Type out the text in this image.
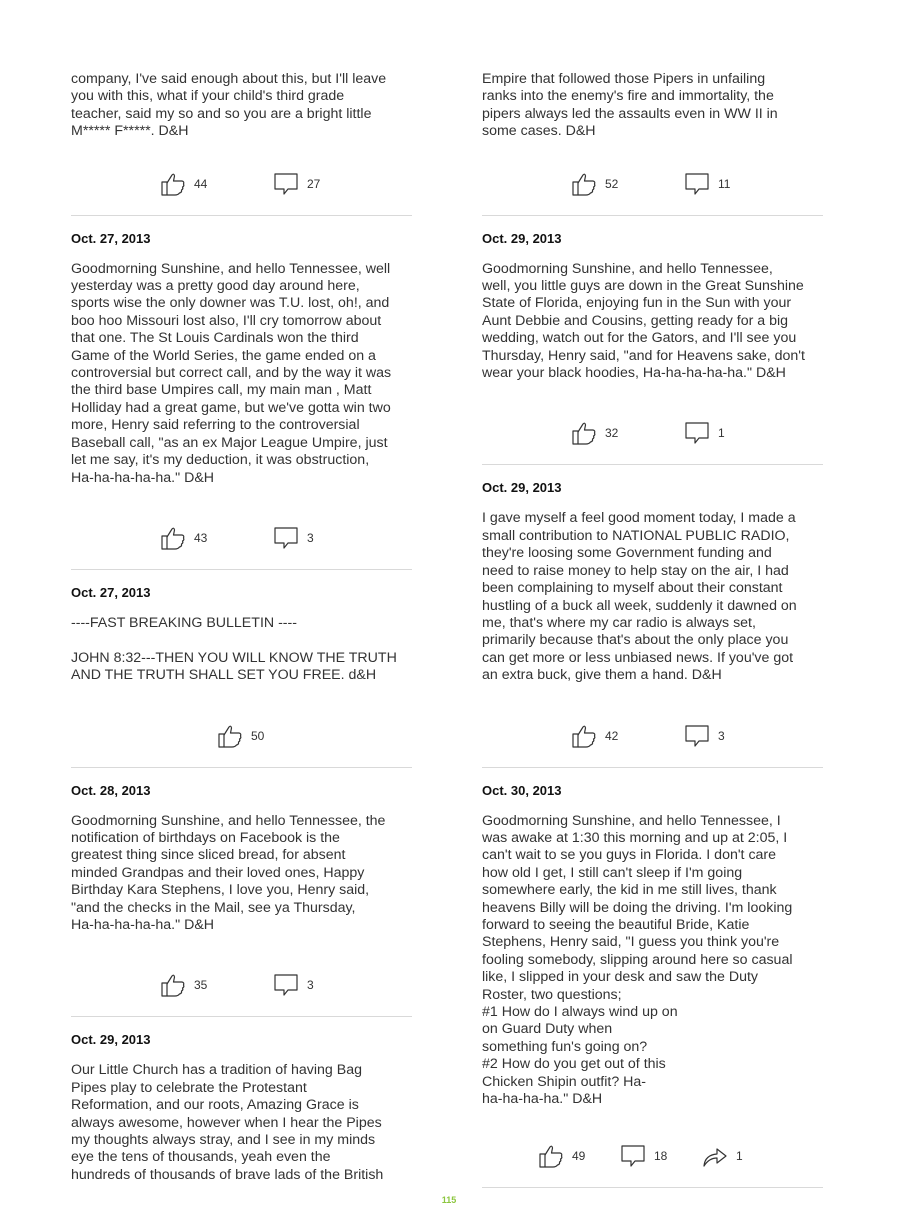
company, I've said enough about this, but I'll leave
you with this, what if your child's third grade
teacher, said my so and so you are a bright little
M***** F*****. D&H

44	27
Oct. 27, 2013

Goodmorning Sunshine, and hello Tennessee, well
yesterday was a pretty good day around here,
sports wise the only downer was T.U. lost, oh!, and
boo hoo Missouri lost also, I'll cry tomorrow about
that one. The St Louis Cardinals won the third
Game of the World Series, the game ended on a
controversial but correct call, and by the way it was
the third base Umpires call, my main man , Matt
Holliday had a great game, but we've gotta win two
more, Henry said referring to the controversial
Baseball call, "as an ex Major League Umpire, just
let me say, it's my deduction, it was obstruction,
Ha-ha-ha-ha-ha." D&H

43	3
Oct. 27, 2013

----FAST BREAKING BULLETIN ----

JOHN 8:32---THEN YOU WILL KNOW THE TRUTH
AND THE TRUTH SHALL SET YOU FREE. d&H

50
Oct. 28, 2013

Goodmorning Sunshine, and hello Tennessee, the
notification of birthdays on Facebook is the
greatest thing since sliced bread, for absent
minded Grandpas and their loved ones, Happy
Birthday Kara Stephens, I love you, Henry said,
"and the checks in the Mail, see ya Thursday,
Ha-ha-ha-ha-ha." D&H

35	3
Oct. 29, 2013

Our Little Church has a tradition of having Bag
Pipes play to celebrate the Protestant
Reformation, and our roots, Amazing Grace is
always awesome, however when I hear the Pipes
my thoughts always stray, and I see in my minds
eye the tens of thousands, yeah even the
hundreds of thousands of brave lads of the British

Empire that followed those Pipers in unfailing
ranks into the enemy's fire and immortality, the
pipers always led the assaults even in WW II in
some cases. D&H

52	11
Oct. 29, 2013

Goodmorning Sunshine, and hello Tennessee,
well, you little guys are down in the Great Sunshine
State of Florida, enjoying fun in the Sun with your
Aunt Debbie and Cousins, getting ready for a big
wedding, watch out for the Gators, and I'll see you
Thursday, Henry said, "and for Heavens sake, don't
wear your black hoodies, Ha-ha-ha-ha-ha." D&H

32	1
Oct. 29, 2013

I gave myself a feel good moment today, I made a
small contribution to NATIONAL PUBLIC RADIO,
they're loosing some Government funding and
need to raise money to help stay on the air, I had
been complaining to myself about their constant
hustling of a buck all week, suddenly it dawned on
me, that's where my car radio is always set,
primarily because that's about the only place you
can get more or less unbiased news. If you've got
an extra buck, give them a hand. D&H

42	3
Oct. 30, 2013

Goodmorning Sunshine, and hello Tennessee, I
was awake at 1:30 this morning and up at 2:05, I
can't wait to se you guys in Florida. I don't care
how old I get, I still can't sleep if I'm going
somewhere early, the kid in me still lives, thank
heavens Billy will be doing the driving. I'm looking
forward to seeing the beautiful Bride, Katie
Stephens, Henry said, "I guess you think you're
fooling somebody, slipping around here so casual
like, I slipped in your desk and saw the Duty
Roster, two questions;
#1 How do I always wind up on
on Guard Duty when
something fun's going on?
#2 How do you get out of this
Chicken Shipin outfit? Ha-
ha-ha-ha-ha." D&H

49	18	1
115
